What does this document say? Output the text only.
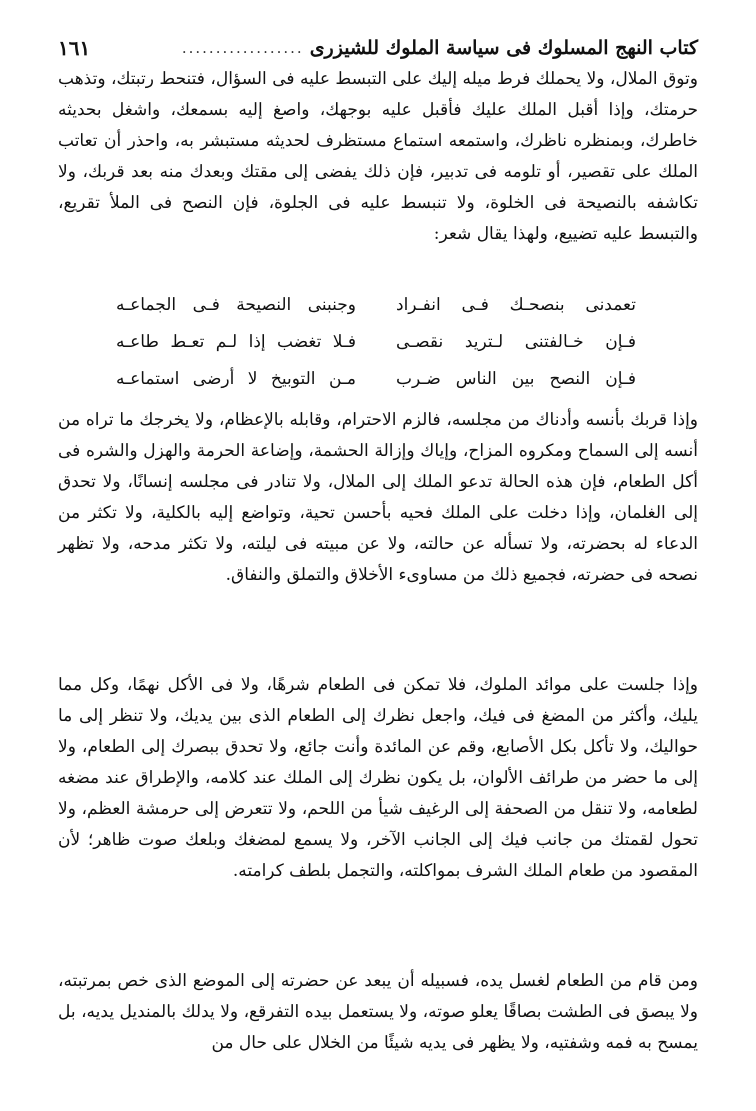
كتاب النهج المسلوك فى سياسة الملوك للشيزرى
..................
١٦١

وتوق الملال، ولا يحملك فرط ميله إليك على التبسط عليه فى السؤال، فتنحط رتبتك، وتذهب حرمتك، وإذا أقبل الملك عليك فأقبل عليه بوجهك، واصغ إليه بسمعك، واشغل بحديثه خاطرك، وبمنظره ناظرك، واستمعه استماع مستظرف لحديثه مستبشر به، واحذر أن تعاتب الملك على تقصير، أو تلومه فى تدبير، فإن ذلك يفضى إلى مقتك وبعدك منه بعد قربك، ولا تكاشفه بالنصيحة فى الخلوة، ولا تنبسط عليه فى الجلوة، فإن النصح فى الملأ تقريع، والتبسط عليه تضييع، ولهذا يقال شعر:

تعمدنى بنصحـك فـى انفـراد
وجنبنى النصيحة فـى الجماعـه
فـإن خـالفتنى لـتريد نقصـى
فـلا تغضب إذا لـم تعـط طاعـه
فـإن النصح بين الناس ضـرب
مـن التوبيخ لا أرضى استماعـه

وإذا قربك بأنسه وأدناك من مجلسه، فالزم الاحترام، وقابله بالإعظام، ولا يخرجك ما تراه من أنسه إلى السماح ومكروه المزاح، وإياك وإزالة الحشمة، وإضاعة الحرمة والهزل والشره فى أكل الطعام، فإن هذه الحالة تدعو الملك إلى الملال، ولا تنادر فى مجلسه إنسانًا، ولا تحدق إلى الغلمان، وإذا دخلت على الملك فحيه بأحسن تحية، وتواضع إليه بالكلية، ولا تكثر من الدعاء له بحضرته، ولا تسأله عن حالته، ولا عن مبيته فى ليلته، ولا تكثر مدحه، ولا تظهر نصحه فى حضرته، فجميع ذلك من مساوىء الأخلاق والتملق والنفاق.

وإذا جلست على موائد الملوك، فلا تمكن فى الطعام شرهًا، ولا فى الأكل نهمًا، وكل مما يليك، وأكثر من المضغ فى فيك، واجعل نظرك إلى الطعام الذى بين يديك، ولا تنظر إلى ما حواليك، ولا تأكل بكل الأصابع، وقم عن المائدة وأنت جائع، ولا تحدق ببصرك إلى الطعام، ولا إلى ما حضر من طرائف الألوان، بل يكون نظرك إلى الملك عند كلامه، والإطراق عند مضغه لطعامه، ولا تنقل من الصحفة إلى الرغيف شيأ من اللحم، ولا تتعرض إلى حرمشة العظم، ولا تحول لقمتك من جانب فيك إلى الجانب الآخر، ولا يسمع لمضغك وبلعك صوت ظاهر؛ لأن المقصود من طعام الملك الشرف بمواكلته، والتجمل بلطف كرامته.

ومن قام من الطعام لغسل يده، فسبيله أن يبعد عن حضرته إلى الموضع الذى خص بمرتبته، ولا يبصق فى الطشت بصاقًا يعلو صوته، ولا يستعمل بيده التفرقع، ولا يدلك بالمنديل يديه، بل يمسح به فمه وشفتيه، ولا يظهر فى يديه شيئًا من الخلال على حال من
